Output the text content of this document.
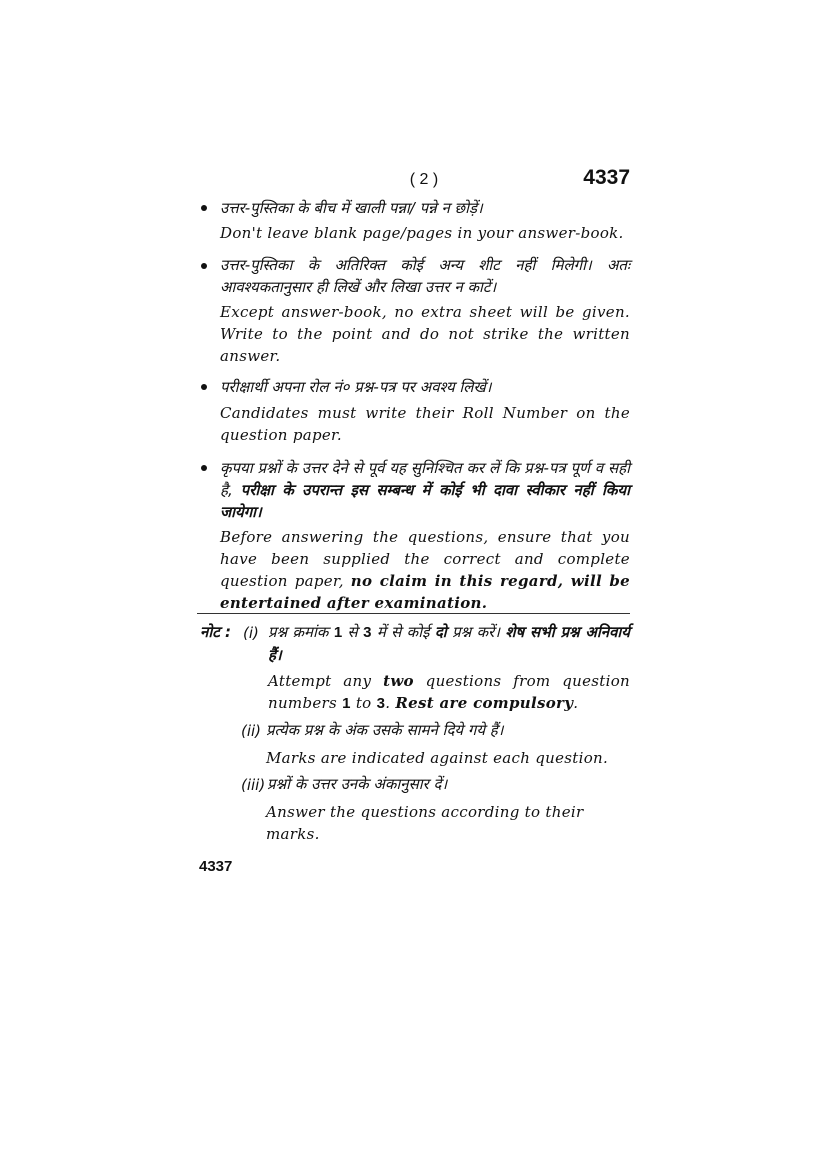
( 2 )	4337
उत्तर-पुस्तिका के बीच में खाली पन्ना/ पन्ने न छोड़ें।
Don't leave blank page/pages in your answer-book.
उत्तर-पुस्तिका के अतिरिक्त कोई अन्य शीट नहीं मिलेगी। अतः आवश्यकतानुसार ही लिखें और लिखा उत्तर न काटें।
Except answer-book, no extra sheet will be given. Write to the point and do not strike the written answer.
परीक्षार्थी अपना रोल नं० प्रश्न-पत्र पर अवश्य लिखें।
Candidates must write their Roll Number on the question paper.
कृपया प्रश्नों के उत्तर देने से पूर्व यह सुनिश्चित कर लें कि प्रश्न-पत्र पूर्ण व सही है, परीक्षा के उपरान्त इस सम्बन्ध में कोई भी दावा स्वीकार नहीं किया जायेगा।
Before answering the questions, ensure that you have been supplied the correct and complete question paper, no claim in this regard, will be entertained after examination.
नोट : (i) प्रश्न क्रमांक 1 से 3 में से कोई दो प्रश्न करें। शेष सभी प्रश्न अनिवार्य हैं।
Attempt any two questions from question numbers 1 to 3. Rest are compulsory.
(ii) प्रत्येक प्रश्न के अंक उसके सामने दिये गये हैं।
Marks are indicated against each question.
(iii) प्रश्नों के उत्तर उनके अंकानुसार दें।
Answer the questions according to their marks.
4337
